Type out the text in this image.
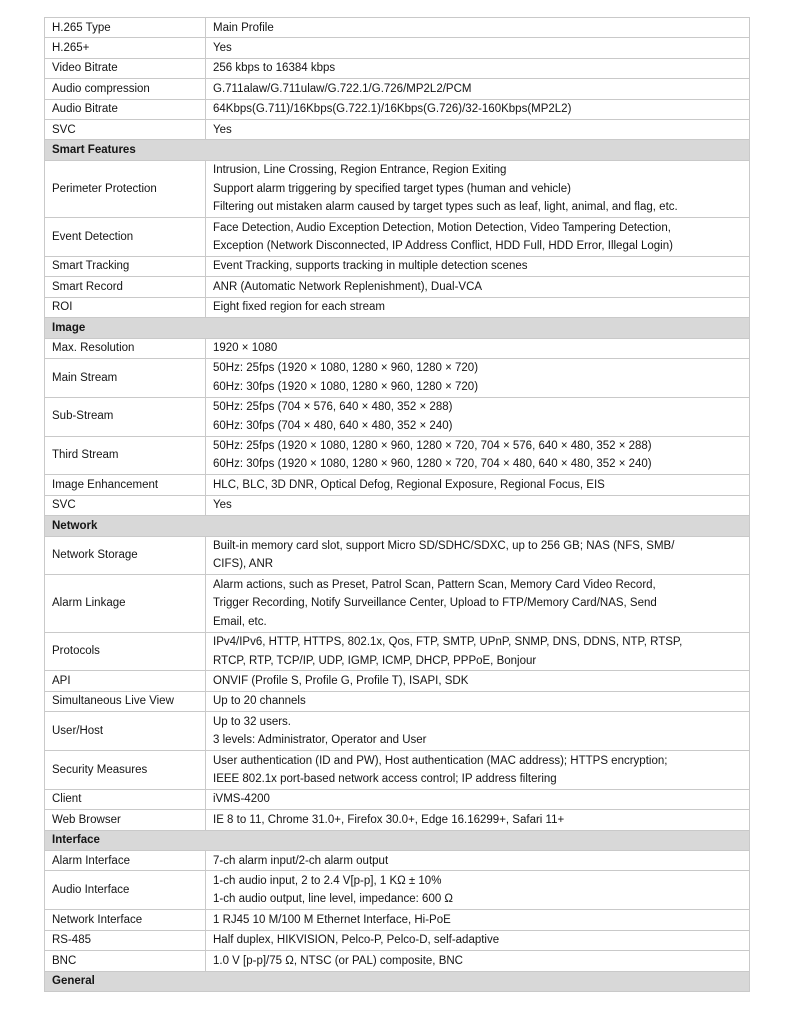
H.265 Type	Main Profile

H.265+	Yes

Video Bitrate	256 kbps to 16384 kbps

Audio compression	G.711alaw/G.711ulaw/G.722.1/G.726/MP2L2/PCM

Audio Bitrate	64Kbps(G.711)/16Kbps(G.722.1)/16Kbps(G.726)/32-160Kbps(MP2L2)

SVC	Yes

Smart Features	
Perimeter Protection	Intrusion, Line Crossing, Region Entrance, Region Exiting
Support alarm triggering by specified target types (human and vehicle)
Filtering out mistaken alarm caused by target types such as leaf, light, animal, and flag, etc.

Event Detection	Face Detection, Audio Exception Detection, Motion Detection, Video Tampering Detection,
Exception (Network Disconnected, IP Address Conflict, HDD Full, HDD Error, Illegal Login)

Smart Tracking	Event Tracking, supports tracking in multiple detection scenes

Smart Record	ANR (Automatic Network Replenishment), Dual-VCA

ROI	Eight fixed region for each stream

Image	
Max. Resolution	1920 × 1080

Main Stream	50Hz: 25fps (1920 × 1080, 1280 × 960, 1280 × 720)
60Hz: 30fps (1920 × 1080, 1280 × 960, 1280 × 720)

Sub-Stream	50Hz: 25fps (704 × 576, 640 × 480, 352 × 288)
60Hz: 30fps (704 × 480, 640 × 480, 352 × 240)

Third Stream	50Hz: 25fps (1920 × 1080, 1280 × 960, 1280 × 720, 704 × 576, 640 × 480, 352 × 288)
60Hz: 30fps (1920 × 1080, 1280 × 960, 1280 × 720, 704 × 480, 640 × 480, 352 × 240)

Image Enhancement	HLC, BLC, 3D DNR, Optical Defog, Regional Exposure, Regional Focus, EIS

SVC	Yes

Network	
Network Storage	Built-in memory card slot, support Micro SD/SDHC/SDXC, up to 256 GB; NAS (NFS, SMB/
CIFS), ANR

Alarm Linkage	Alarm actions, such as Preset, Patrol Scan, Pattern Scan, Memory Card Video Record,
Trigger Recording, Notify Surveillance Center, Upload to FTP/Memory Card/NAS, Send
Email, etc.

Protocols	IPv4/IPv6, HTTP, HTTPS, 802.1x, Qos, FTP, SMTP, UPnP, SNMP, DNS, DDNS, NTP, RTSP,
RTCP, RTP, TCP/IP, UDP, IGMP, ICMP, DHCP, PPPoE, Bonjour

API	ONVIF (Profile S, Profile G, Profile T), ISAPI, SDK

Simultaneous Live View	Up to 20 channels

User/Host	Up to 32 users.
3 levels: Administrator, Operator and User

Security Measures	User authentication (ID and PW), Host authentication (MAC address); HTTPS encryption;
IEEE 802.1x port-based network access control; IP address filtering

Client	iVMS-4200

Web Browser	IE 8 to 11, Chrome 31.0+, Firefox 30.0+, Edge 16.16299+, Safari 11+

Interface	
Alarm Interface	7-ch alarm input/2-ch alarm output

Audio Interface	1-ch audio input, 2 to 2.4 V[p-p], 1 KΩ ± 10%
1-ch audio output, line level, impedance: 600 Ω

Network Interface	1 RJ45 10 M/100 M Ethernet Interface, Hi-PoE

RS-485	Half duplex, HIKVISION, Pelco-P, Pelco-D, self-adaptive

BNC	1.0 V [p-p]/75 Ω, NTSC (or PAL) composite, BNC

General	
